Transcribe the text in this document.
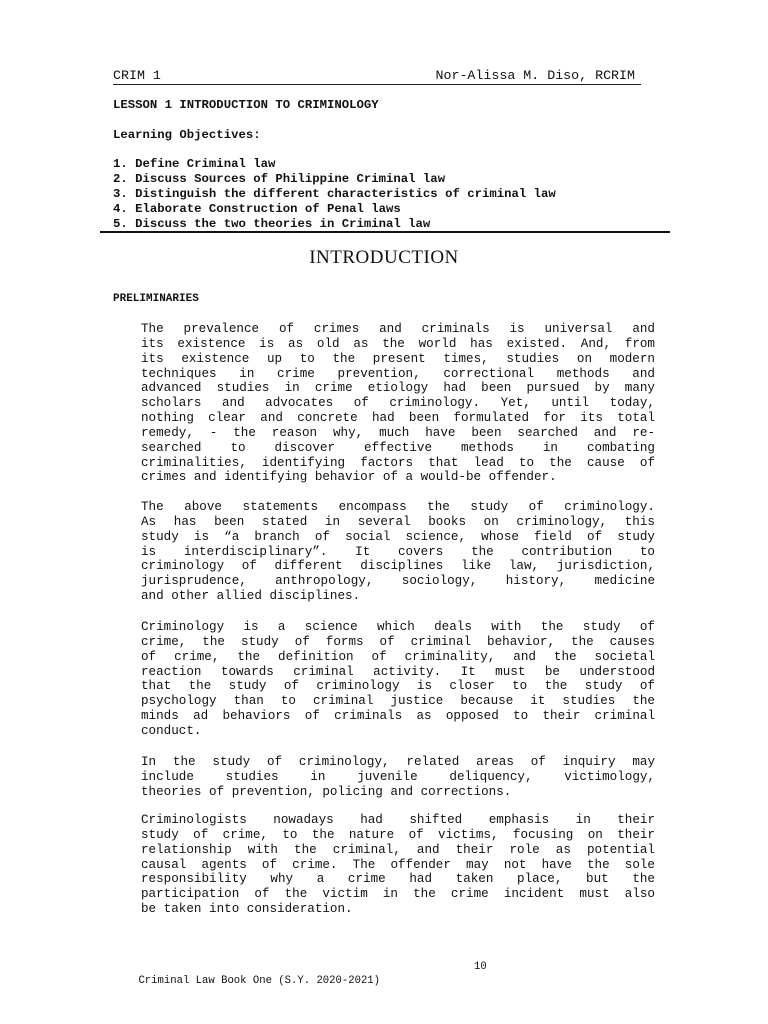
CRIM 1	Nor-Alissa M. Diso, RCRIM
LESSON 1 INTRODUCTION TO CRIMINOLOGY
Learning Objectives:
1. Define Criminal law
2. Discuss Sources of Philippine Criminal law
3. Distinguish the different characteristics of criminal law
4. Elaborate Construction of Penal laws
5. Discuss the two theories in Criminal law
INTRODUCTION
PRELIMINARIES
The prevalence of crimes and criminals is universal and
its existence is as old as the world has existed. And, from
its existence up to the present times, studies on modern
techniques in crime prevention, correctional methods and
advanced studies in crime etiology had been pursued by many
scholars and advocates of criminology. Yet, until today,
nothing clear and concrete had been formulated for its total
remedy, - the reason why, much have been searched and re-
searched to discover effective methods in combating
criminalities, identifying factors that lead to the cause of
crimes and identifying behavior of a would-be offender.
The above statements encompass the study of criminology.
As has been stated in several books on criminology, this
study is “a branch of social science, whose field of study
is interdisciplinary”. It covers the contribution to
criminology of different disciplines like law, jurisdiction,
jurisprudence, anthropology, sociology, history, medicine
and other allied disciplines.
Criminology is a science which deals with the study of
crime, the study of forms of criminal behavior, the causes
of crime, the definition of criminality, and the societal
reaction towards criminal activity. It must be understood
that the study of criminology is closer to the study of
psychology than to criminal justice because it studies the
minds ad behaviors of criminals as opposed to their criminal
conduct.
In the study of criminology, related areas of inquiry may
include studies in juvenile deliquency, victimology,
theories of prevention, policing and corrections.
Criminologists nowadays had shifted emphasis in their
study of crime, to the nature of victims, focusing on their
relationship with the criminal, and their role as potential
causal agents of crime. The offender may not have the sole
responsibility why a crime had taken place, but the
participation of the victim in the crime incident must also
be taken into consideration.

Criminal Law Book One (S.Y. 2020-2021)

10
